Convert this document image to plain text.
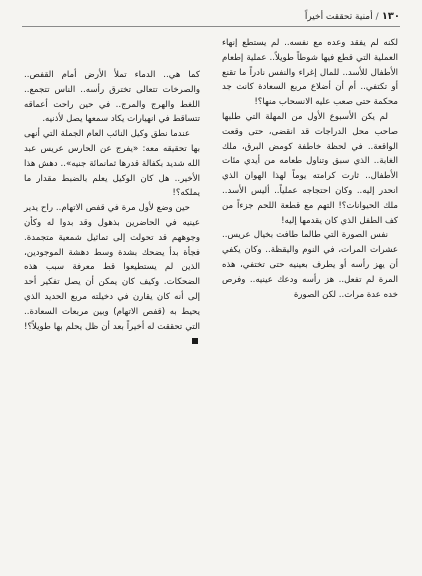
١٣٠/أمنية تحققت أخيراً

لكنه لم يفقد وعده مع نفسه.. لم يستطع إنهاء العملية التي قطع فيها شوطاً طويلاً.. عملية إطعام الأطفال للأسد.. للمال إغراء والنفس نادراً ما تقنع أو تكتفي.. أم أن أضلاع مربع السعادة كانت جد محكمة حتى صعب عليه الانسحاب منها؟!

لم يكن الأسبوع الأول من المهلة التي طلبها صاحب محل الدراجات قد انقضى، حتى وقعت الواقعة.. في لحظة خاطفة كومض البرق، ملك الغابة.. الذي سبق وتناول طعامه من أيدي مئات الأطفال.. ثارت كرامته يوماً لهذا الهوان الذي انحدر إليه.. وكان احتجاجه عملياً.. أليس الأسد.. ملك الحيوانات؟! التهم مع قطعة اللحم جزءاً من كف الطفل الذي كان يقدمها إليه!

نفس الصورة التي طالما طافت بخيال عريس.. عشرات المرات، في النوم واليقظة.. وكان يكفي أن يهز رأسه أو يطرف بعينيه حتى تختفي، هذه المرة لم تفعل.. هز رأسه ودعك عينيه.. وفرص خده عدة مرات.. لكن الصورة

كما هي.. الدماء تملأ الأرض أمام القفص.. والصرخات تتعالى تخترق رأسه.. الناس تتجمع.. اللغط والهرج والمرج.. في حين راحت أعماقه تتساقط في انهيارات يكاد سمعها يصل لأذنيه.

عندما نطق وكيل النائب العام الجملة التي أنهى بها تحقيقه معه: «يفرج عن الحارس عريس عبد الله شديد بكفالة قدرها ثمانمائة جنيه».. دهش هذا الأخير.. هل كان الوكيل يعلم بالضبط مقدار ما يملكه؟!

حين وضع لأول مرة في قفص الاتهام.. راح يدير عينيه في الحاضرين بذهول وقد بدوا له وكأن وجوههم قد تحولت إلى تماثيل شمعية متجمدة. فجأة بدأ يضحك بشدة وسط دهشة الموجودين، الذين لم يستطيعوا قط معرفة سبب هذه الضحكات. وكيف كان يمكن أن يصل تفكير أحد إلى أنه كان يقارن في دخيلته مربع الحديد الذي يحيط به (قفص الاتهام) وبين مربعات السعادة.. التي تحققت له أخيراً بعد أن ظل يحلم بها طويلاً؟!
